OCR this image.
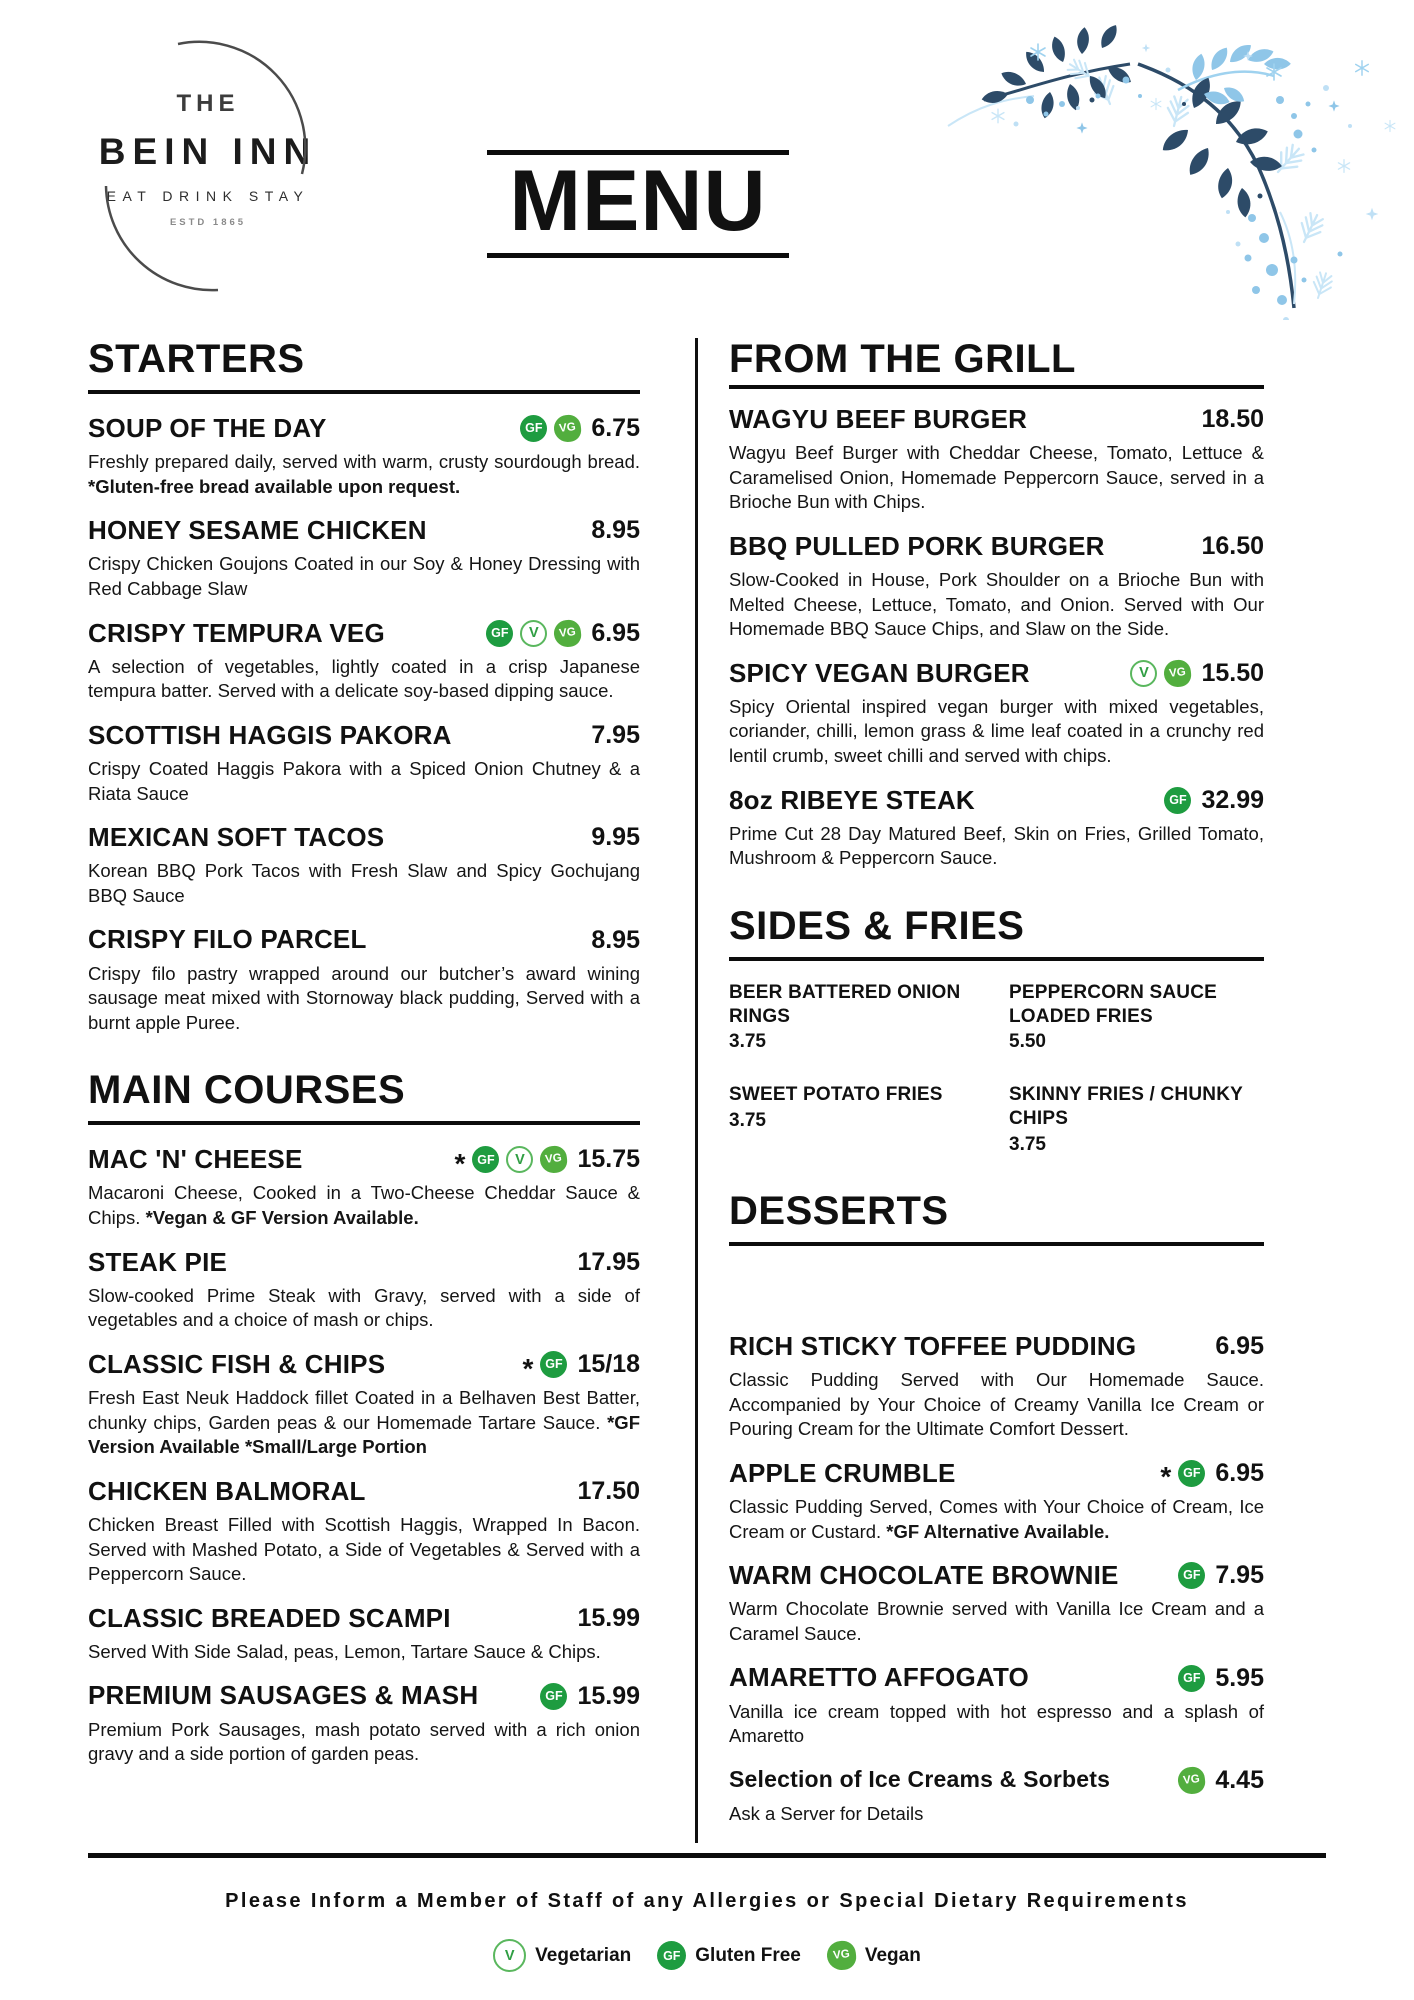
THE
BEIN INN
EAT DRINK STAY
ESTD 1865	MENU
STARTERS
SOUP OF THE DAY	GF	VG 6.75

Freshly prepared daily, served with warm, crusty sourdough bread. *Gluten-free bread available upon request.

HONEY SESAME CHICKEN	8.95

Crispy Chicken Goujons Coated in our Soy & Honey Dressing with Red Cabbage Slaw

CRISPY TEMPURA VEG	GF	V	VG 6.95

A selection of vegetables, lightly coated in a crisp Japanese tempura batter. Served with a delicate soy-based dipping sauce.

SCOTTISH HAGGIS PAKORA	7.95

Crispy Coated Haggis Pakora with a Spiced Onion Chutney & a Riata Sauce

MEXICAN SOFT TACOS	9.95

Korean BBQ Pork Tacos with Fresh Slaw and Spicy Gochujang BBQ Sauce

CRISPY FILO PARCEL	8.95

Crispy filo pastry wrapped around our butcher’s award wining sausage meat mixed with Stornoway black pudding, Served with a burnt apple Puree.

MAIN COURSES
MAC 'N' CHEESE	* GF	V	VG 15.75

Macaroni Cheese, Cooked in a Two-Cheese Cheddar Sauce & Chips. *Vegan & GF Version Available.

STEAK PIE	17.95

Slow-cooked Prime Steak with Gravy, served with a side of vegetables and a choice of mash or chips.

CLASSIC FISH & CHIPS	* GF 15/18

Fresh East Neuk Haddock fillet Coated in a Belhaven Best Batter, chunky chips, Garden peas & our Homemade Tartare Sauce. *GF Version Available *Small/Large Portion

CHICKEN BALMORAL	17.50

Chicken Breast Filled with Scottish Haggis, Wrapped In Bacon. Served with Mashed Potato, a Side of Vegetables & Served with a Peppercorn Sauce.

CLASSIC BREADED SCAMPI	15.99

Served With Side Salad, peas, Lemon, Tartare Sauce & Chips.

PREMIUM SAUSAGES & MASH	GF 15.99

Premium Pork Sausages, mash potato served with a rich onion gravy and a side portion of garden peas.

FROM THE GRILL
WAGYU BEEF BURGER	18.50

Wagyu Beef Burger with Cheddar Cheese, Tomato, Lettuce & Caramelised Onion, Homemade Peppercorn Sauce, served in a Brioche Bun with Chips.

BBQ PULLED PORK BURGER	16.50

Slow-Cooked in House, Pork Shoulder on a Brioche Bun with Melted Cheese, Lettuce, Tomato, and Onion. Served with Our Homemade BBQ Sauce Chips, and Slaw on the Side.

SPICY VEGAN BURGER	V	VG 15.50

Spicy Oriental inspired vegan burger with mixed vegetables, coriander, chilli, lemon grass & lime leaf coated in a crunchy red lentil crumb, sweet chilli and served with chips.

8oz RIBEYE STEAK	GF 32.99

Prime Cut 28 Day Matured Beef, Skin on Fries, Grilled Tomato, Mushroom & Peppercorn Sauce.

SIDES & FRIES
BEER BATTERED ONION RINGS
3.75
PEPPERCORN SAUCE LOADED FRIES
5.50
SWEET POTATO FRIES
3.75
SKINNY FRIES / CHUNKY CHIPS
3.75
DESSERTS
RICH STICKY TOFFEE PUDDING	6.95

Classic Pudding Served with Our Homemade Sauce. Accompanied by Your Choice of Creamy Vanilla Ice Cream or Pouring Cream for the Ultimate Comfort Dessert.

APPLE CRUMBLE	* GF 6.95

Classic Pudding Served, Comes with Your Choice of Cream, Ice Cream or Custard. *GF Alternative Available.

WARM CHOCOLATE BROWNIE	GF 7.95

Warm Chocolate Brownie served with Vanilla Ice Cream and a Caramel Sauce.

AMARETTO AFFOGATO	GF 5.95

Vanilla ice cream topped with hot espresso and a splash of Amaretto

Selection of Ice Creams & Sorbets	VG 4.45

Ask a Server for Details

Please Inform a Member of Staff of any Allergies or Special Dietary Requirements
V	Vegetarian	GF Gluten Free	VG Vegan
